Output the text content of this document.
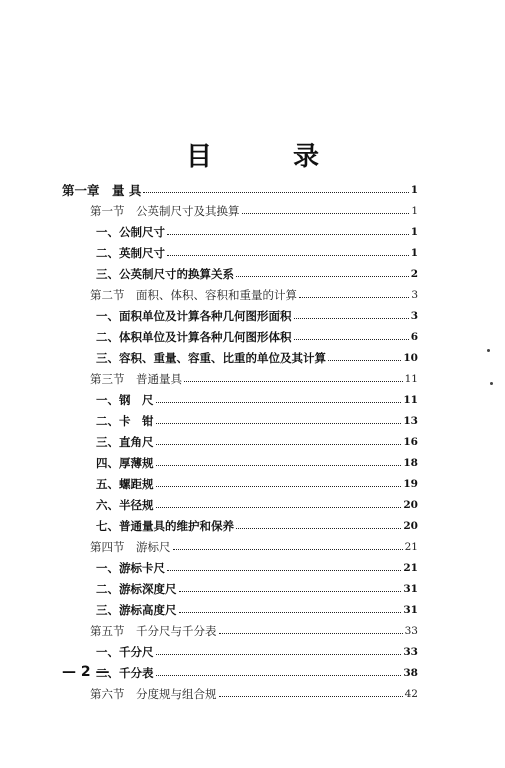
目 录
第一章　量 具	1
第一节　公英制尺寸及其换算	1
一、公制尺寸	1
二、英制尺寸	1
三、公英制尺寸的换算关系	2
第二节　面积、体积、容积和重量的计算	3
一、面积单位及计算各种几何图形面积	3
二、体积单位及计算各种几何图形体积	6
三、容积、重量、容重、比重的单位及其计算	10
第三节　普通量具	11
一、钢　尺	11
二、卡　钳	13
三、直角尺	16
四、厚薄规	18
五、螺距规	19
六、半径规	20
七、普通量具的维护和保养	20
第四节　游标尺	21
一、游标卡尺	21
二、游标深度尺	31
三、游标高度尺	31
第五节　千分尺与千分表	33
一、千分尺	33
二、千分表	38
第六节　分度规与组合规	42
— 2 —
